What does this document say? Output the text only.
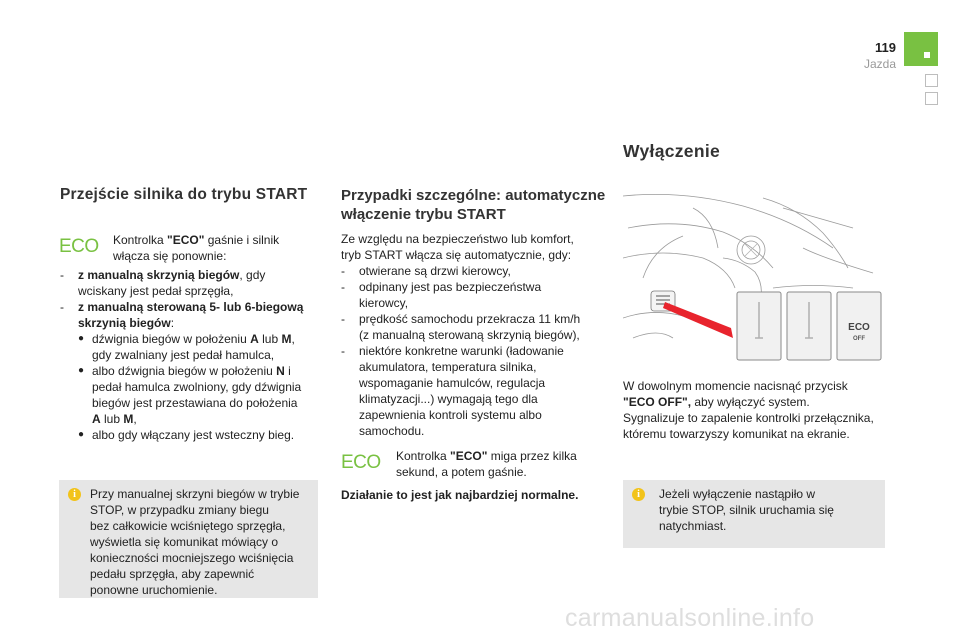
119
Jazda
Przejście silnika do trybu START
ECO Kontrolka "ECO" gaśnie i silnik
włącza się ponownie:
- z manualną skrzynią biegów, gdy
wciskany jest pedał sprzęgła,
- z manualną sterowaną 5- lub 6-biegową
skrzynią biegów:
● dźwignia biegów w położeniu A lub M,
gdy zwalniany jest pedał hamulca,
● albo dźwignia biegów w położeniu N i
pedał hamulca zwolniony, gdy dźwignia
biegów jest przestawiana do położenia
A lub M,
● albo gdy włączany jest wsteczny bieg.
i	Przy manualnej skrzyni biegów w trybie
STOP, w przypadku zmiany biegu
bez całkowicie wciśniętego sprzęgła,
wyświetla się komunikat mówiący o
konieczności mocniejszego wciśnięcia
pedału sprzęgła, aby zapewnić
ponowne uruchomienie.
Przypadki szczególne: automatyczne
włączenie trybu START
Ze względu na bezpieczeństwo lub komfort,
tryb START włącza się automatycznie, gdy:
- otwierane są drzwi kierowcy,
- odpinany jest pas bezpieczeństwa
kierowcy,
- prędkość samochodu przekracza 11 km/h
(z manualną sterowaną skrzynią biegów),
- niektóre konkretne warunki (ładowanie
akumulatora, temperatura silnika,
wspomaganie hamulców, regulacja
klimatyzacji...) wymagają tego dla
zapewnienia kontroli systemu albo
samochodu.
ECO Kontrolka "ECO" miga przez kilka
sekund, a potem gaśnie.
Działanie to jest jak najbardziej normalne.
Wyłączenie
ECO
OFF
W dowolnym momencie nacisnąć przycisk
"ECO OFF", aby wyłączyć system.
Sygnalizuje to zapalenie kontrolki przełącznika,
któremu towarzyszy komunikat na ekranie.
i	Jeżeli wyłączenie nastąpiło w
trybie STOP, silnik uruchamia się
natychmiast.
carmanualsonline.info
